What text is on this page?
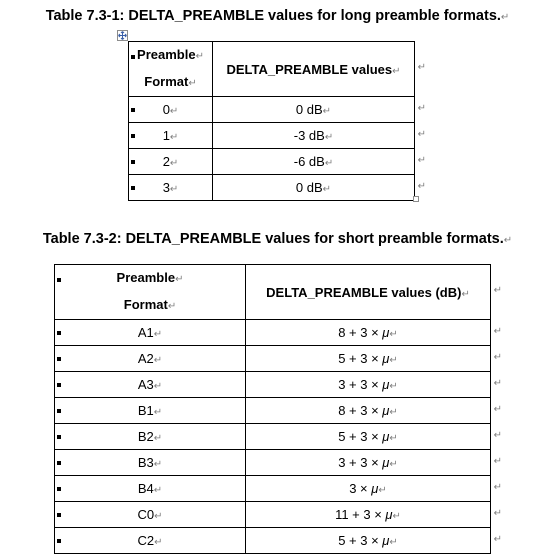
Table 7.3-1: DELTA_PREAMBLE values for long preamble formats.↵
Preamble↵
Format↵	DELTA_PREAMBLE values↵ ↵

0↵	0 dB↵ ↵

1↵	-3 dB↵ ↵

2↵	-6 dB↵ ↵

3↵	0 dB↵ ↵
Table 7.3-2: DELTA_PREAMBLE values for short preamble formats.↵
Preamble↵
Format↵	DELTA_PREAMBLE values (dB)↵ ↵

A1↵	8 + 3 × μ↵ ↵

A2↵	5 + 3 × μ↵ ↵

A3↵	3 + 3 × μ↵ ↵

B1↵	8 + 3 × μ↵ ↵

B2↵	5 + 3 × μ↵ ↵

B3↵	3 + 3 × μ↵ ↵

B4↵	3 × μ↵ ↵

C0↵	11 + 3 × μ↵ ↵

C2↵	5 + 3 × μ↵ ↵
